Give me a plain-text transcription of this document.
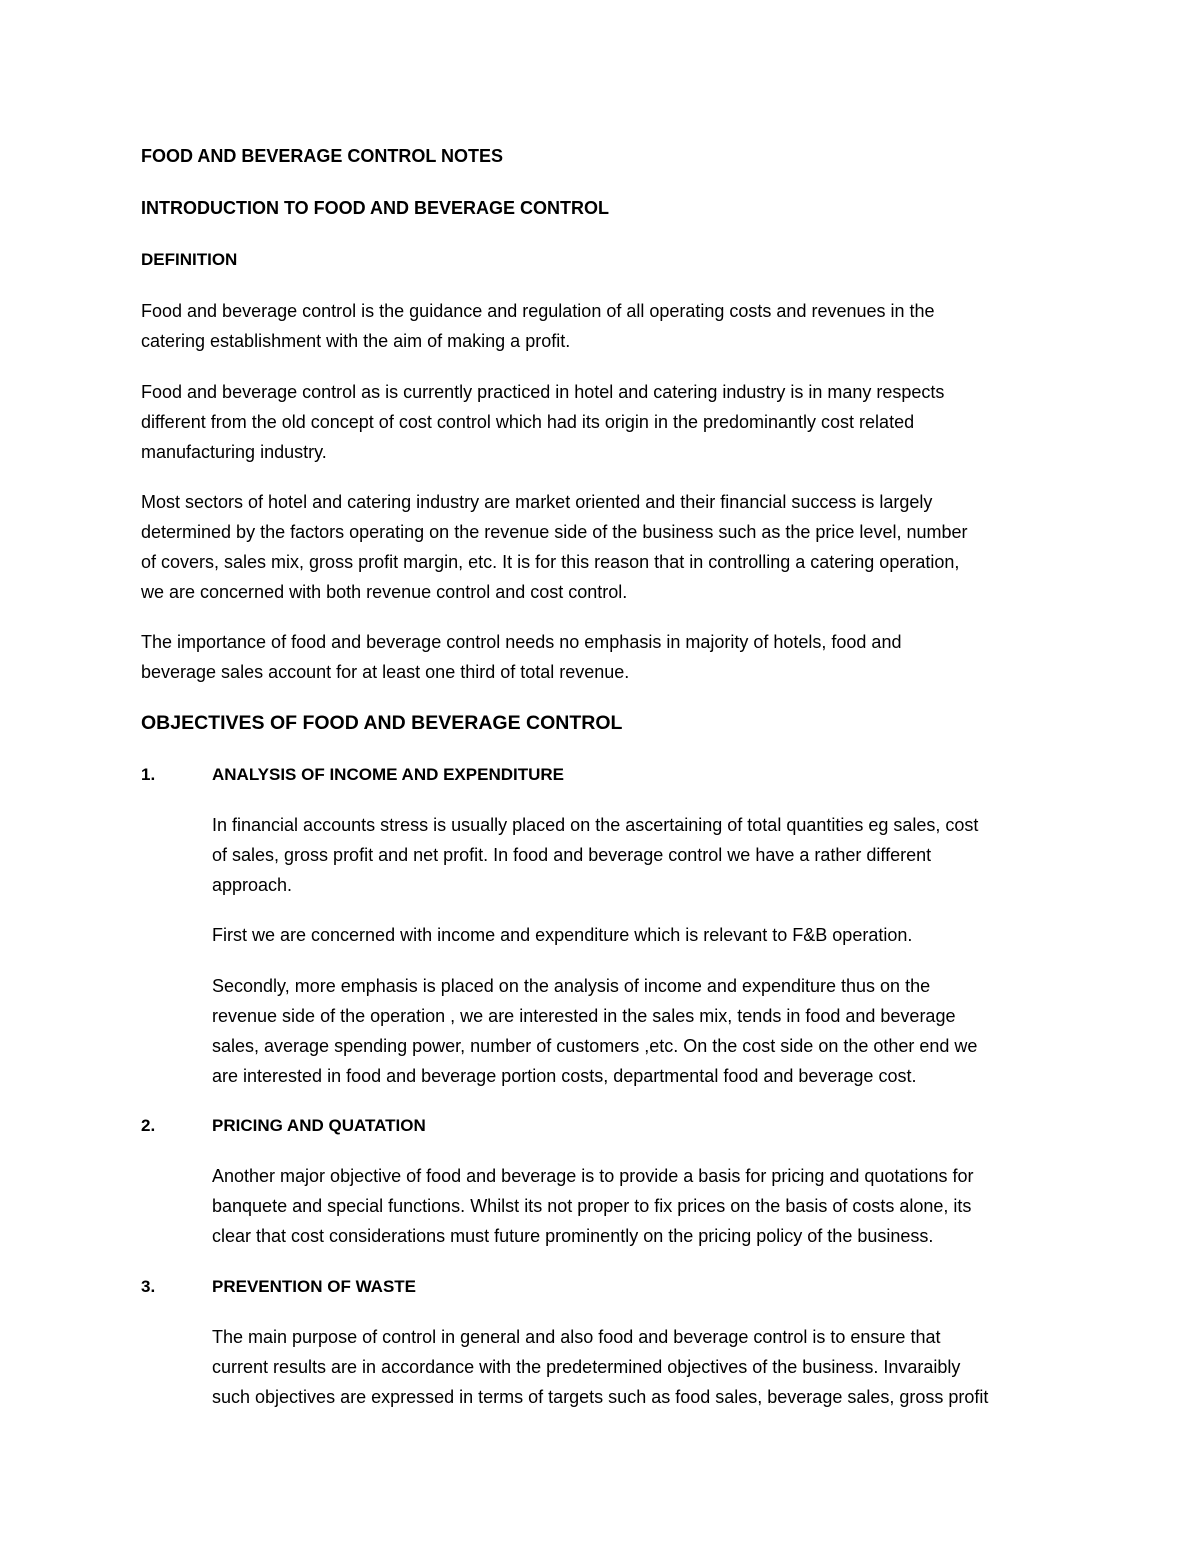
FOOD AND BEVERAGE CONTROL NOTES
INTRODUCTION TO FOOD AND BEVERAGE CONTROL
DEFINITION
Food and beverage control is the guidance and regulation of all operating costs and revenues in the
catering establishment with the aim of making a profit.
Food and beverage control as is currently practiced in hotel and catering industry is in many respects
different from the old concept of cost control which had its origin in the predominantly cost related
manufacturing industry.
Most sectors of hotel and catering industry are market oriented and their financial success is largely
determined by the factors operating on the revenue side of the business such as the price level, number
of covers, sales mix, gross profit margin, etc. It is for this reason that in controlling a catering operation,
we are concerned with both revenue control and cost control.
The importance of food and beverage control needs no emphasis in majority of hotels, food and
beverage sales account for at least one third of total revenue.
OBJECTIVES OF FOOD AND BEVERAGE CONTROL
1.	ANALYSIS OF INCOME AND EXPENDITURE
In financial accounts stress is usually placed on the ascertaining of total quantities eg sales, cost
of sales, gross profit and net profit. In food and beverage control we have a rather different
approach.
First we are concerned with income and expenditure which is relevant to F&B operation.
Secondly, more emphasis is placed on the analysis of income and expenditure thus on the
revenue side of the operation , we are interested in the sales mix, tends in food and beverage
sales, average spending power, number of customers ,etc. On the cost side on the other end we
are interested in food and beverage portion costs, departmental food and beverage cost.
2.	PRICING AND QUATATION
Another major objective of food and beverage is to provide a basis for pricing and quotations for
banquete and special functions. Whilst its not proper to fix prices on the basis of costs alone, its
clear that cost considerations must future prominently on the pricing policy of the business.
3.	PREVENTION OF WASTE
The main purpose of control in general and also food and beverage control is to ensure that
current results are in accordance with the predetermined objectives of the business. Invaraibly
such objectives are expressed in terms of targets such as food sales, beverage sales, gross profit
